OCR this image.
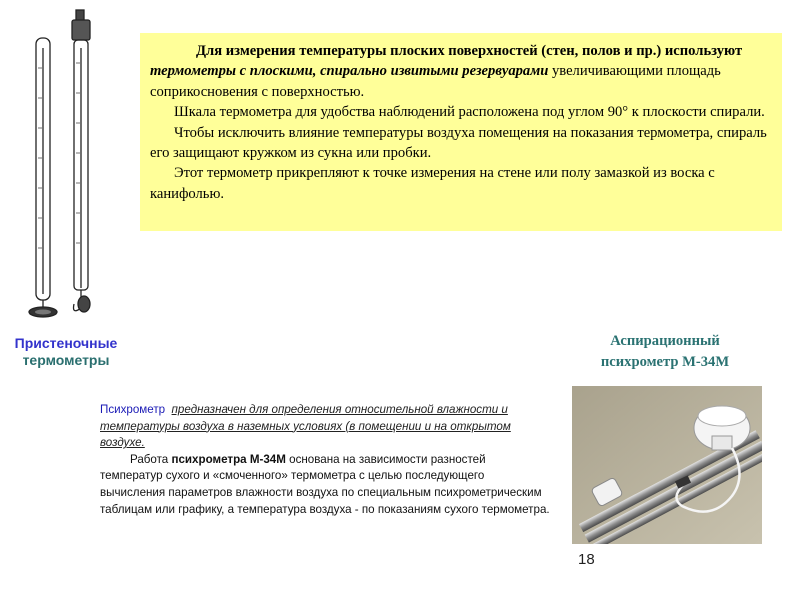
Для измерения температуры плоских поверхностей (стен, полов и пр.) используют термометры с плоскими, спирально извитыми резервуарами увеличивающими площадь соприкосновения с поверхностью.

Шкала термометра для удобства наблюдений расположена под углом 90° к плоскости спирали.

Чтобы исключить влияние температуры воздуха помещения на показания термометра, спираль его защищают кружком из сукна или пробки.

Этот термометр прикрепляют к точке измерения на стене или полу замазкой из воска с канифолью.

Пристеночные
термометры
Аспирационный
психрометр М-34М

Психрометр предназначен для определения относительной влажности и температуры воздуха в наземных условиях (в помещении и на открытом воздухе.

Работа психрометра М-34М основана на зависимости разностей температур сухого и «смоченного» термометра с целью последующего вычисления параметров влажности воздуха по специальным психрометрическим таблицам или графику, а температура воздуха - по показаниям сухого термометра.

18
